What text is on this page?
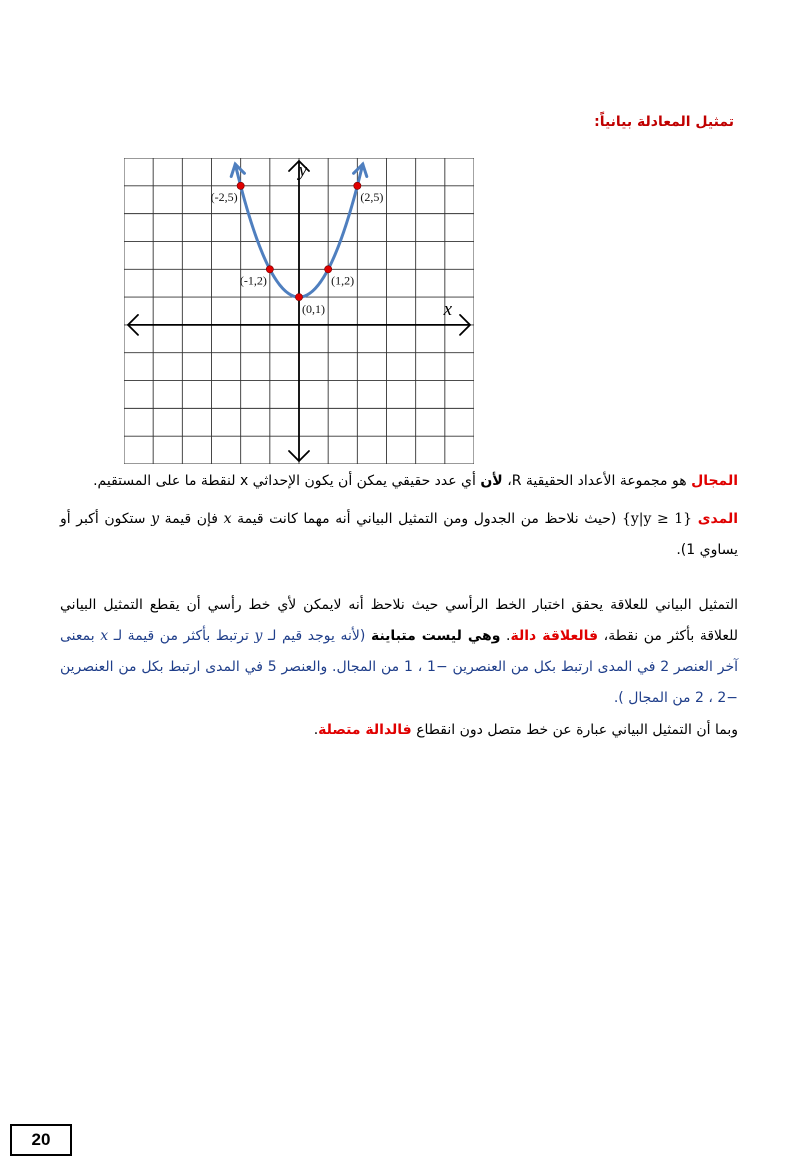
تمثيل المعادلة بيانياً:
(-2,5)
(-1,2)
(0,1)
(1,2)
(2,5)
x
y

المجال هو مجموعة الأعداد الحقيقية R، لأن أي عدد حقيقي يمكن أن يكون الإحداثي x لنقطة ما على المستقيم.

المدى {y|y ≥ 1} (حيث نلاحظ من الجدول ومن التمثيل البياني أنه مهما كانت قيمة x فإن قيمة y ستكون أكبر أو يساوي 1).

التمثيل البياني للعلاقة يحقق اختبار الخط الرأسي حيث نلاحظ أنه لايمكن لأي خط رأسي أن يقطع التمثيل البياني للعلاقة بأكثر من نقطة، فالعلاقة دالة. وهي ليست متباينة (لأنه يوجد قيم لـ y ترتبط بأكثر من قيمة لـ x بمعنى آخر العنصر 2 في المدى ارتبط بكل من العنصرين −1 ، 1 من المجال. والعنصر 5 في المدى ارتبط بكل من العنصرين −2 ، 2 من المجال ).

وبما أن التمثيل البياني عبارة عن خط متصل دون انقطاع فالدالة متصلة.

20
